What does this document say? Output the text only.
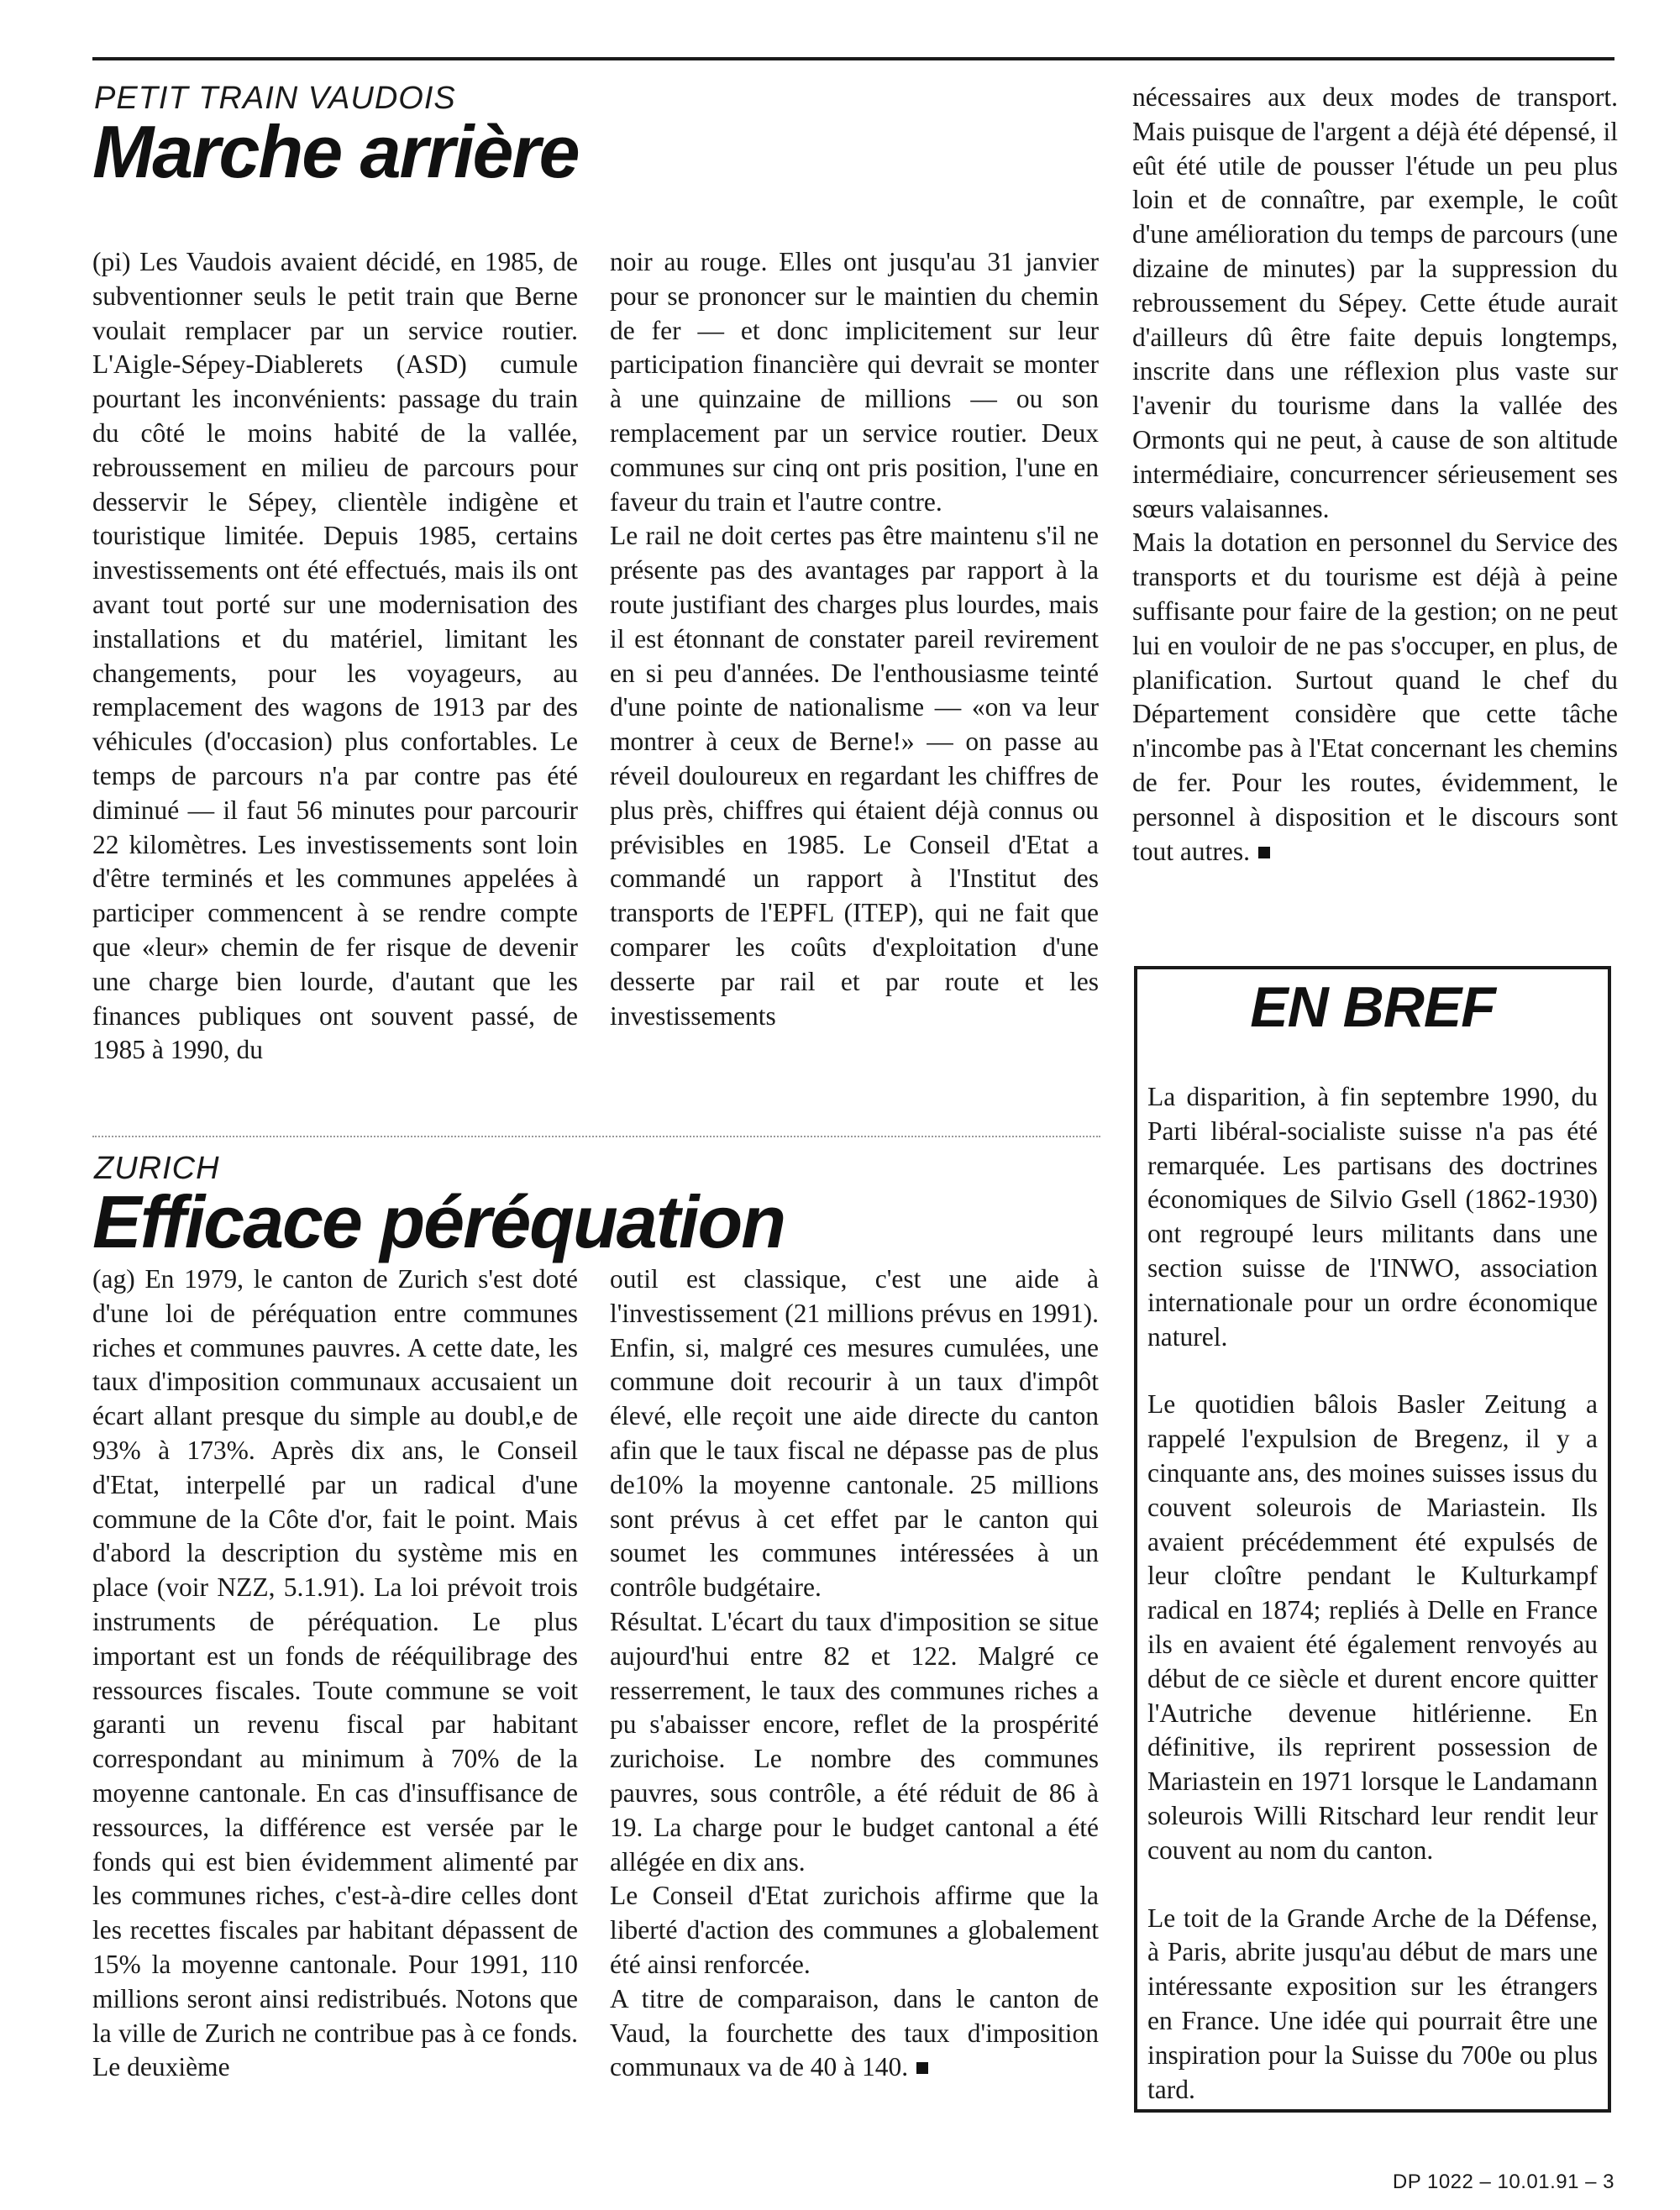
PETIT TRAIN VAUDOIS
Marche arrière

(pi) Les Vaudois avaient décidé, en 1985, de subventionner seuls le petit train que Berne voulait remplacer par un service routier. L'Aigle-Sépey-Diablerets (ASD) cumule pourtant les inconvénients: passage du train du côté le moins habité de la vallée, rebroussement en milieu de parcours pour desservir le Sépey, clientèle indigène et touristique limitée. Depuis 1985, certains investissements ont été effectués, mais ils ont avant tout porté sur une modernisation des installations et du matériel, limitant les changements, pour les voyageurs, au remplacement des wagons de 1913 par des véhicules (d'occasion) plus confortables. Le temps de parcours n'a par contre pas été diminué — il faut 56 minutes pour parcourir 22 kilomètres. Les investissements sont loin d'être terminés et les communes appelées à participer commencent à se rendre compte que «leur» chemin de fer risque de devenir une charge bien lourde, d'autant que les finances publiques ont souvent passé, de 1985 à 1990, du

noir au rouge. Elles ont jusqu'au 31 janvier pour se prononcer sur le maintien du chemin de fer — et donc implicitement sur leur participation financière qui devrait se monter à une quinzaine de millions — ou son remplacement par un service routier. Deux communes sur cinq ont pris position, l'une en faveur du train et l'autre contre.

Le rail ne doit certes pas être maintenu s'il ne présente pas des avantages par rapport à la route justifiant des charges plus lourdes, mais il est étonnant de constater pareil revirement en si peu d'années. De l'enthousiasme teinté d'une pointe de nationalisme — «on va leur montrer à ceux de Berne!» — on passe au réveil douloureux en regardant les chiffres de plus près, chiffres qui étaient déjà connus ou prévisibles en 1985. Le Conseil d'Etat a commandé un rapport à l'Institut des transports de l'EPFL (ITEP), qui ne fait que comparer les coûts d'exploitation d'une desserte par rail et par route et les investissements

nécessaires aux deux modes de transport. Mais puisque de l'argent a déjà été dépensé, il eût été utile de pousser l'étude un peu plus loin et de connaître, par exemple, le coût d'une amélioration du temps de parcours (une dizaine de minutes) par la suppression du rebroussement du Sépey. Cette étude aurait d'ailleurs dû être faite depuis longtemps, inscrite dans une réflexion plus vaste sur l'avenir du tourisme dans la vallée des Ormonts qui ne peut, à cause de son altitude intermédiaire, concurrencer sérieusement ses sœurs valaisannes.

Mais la dotation en personnel du Service des transports et du tourisme est déjà à peine suffisante pour faire de la gestion; on ne peut lui en vouloir de ne pas s'occuper, en plus, de planification. Surtout quand le chef du Département considère que cette tâche n'incombe pas à l'Etat concernant les chemins de fer. Pour les routes, évidemment, le personnel à disposition et le discours sont tout autres.

ZURICH
Efficace péréquation

(ag) En 1979, le canton de Zurich s'est doté d'une loi de péréquation entre communes riches et communes pauvres. A cette date, les taux d'imposition communaux accusaient un écart allant presque du simple au doubl,e de 93% à 173%. Après dix ans, le Conseil d'Etat, interpellé par un radical d'une commune de la Côte d'or, fait le point. Mais d'abord la description du système mis en place (voir NZZ, 5.1.91). La loi prévoit trois instruments de péréquation. Le plus important est un fonds de rééquilibrage des ressources fiscales. Toute commune se voit garanti un revenu fiscal par habitant correspondant au minimum à 70% de la moyenne cantonale. En cas d'insuffisance de ressources, la différence est versée par le fonds qui est bien évidemment alimenté par les communes riches, c'est-à-dire celles dont les recettes fiscales par habitant dépassent de 15% la moyenne cantonale. Pour 1991, 110 millions seront ainsi redistribués. Notons que la ville de Zurich ne contribue pas à ce fonds. Le deuxième

outil est classique, c'est une aide à l'investissement (21 millions prévus en 1991). Enfin, si, malgré ces mesures cumulées, une commune doit recourir à un taux d'impôt élevé, elle reçoit une aide directe du canton afin que le taux fiscal ne dépasse pas de plus de10% la moyenne cantonale. 25 millions sont prévus à cet effet par le canton qui soumet les communes intéressées à un contrôle budgétaire.

Résultat. L'écart du taux d'imposition se situe aujourd'hui entre 82 et 122. Malgré ce resserrement, le taux des communes riches a pu s'abaisser encore, reflet de la prospérité zurichoise. Le nombre des communes pauvres, sous contrôle, a été réduit de 86 à 19. La charge pour le budget cantonal a été allégée en dix ans.

Le Conseil d'Etat zurichois affirme que la liberté d'action des communes a globalement été ainsi renforcée.

A titre de comparaison, dans le canton de Vaud, la fourchette des taux d'imposition communaux va de 40 à 140.

EN BREF

La disparition, à fin septembre 1990, du Parti libéral-socialiste suisse n'a pas été remarquée. Les partisans des doctrines économiques de Silvio Gsell (1862-1930) ont regroupé leurs militants dans une section suisse de l'INWO, association internationale pour un ordre économique naturel.

Le quotidien bâlois Basler Zeitung a rappelé l'expulsion de Bregenz, il y a cinquante ans, des moines suisses issus du couvent soleurois de Mariastein. Ils avaient précédemment été expulsés de leur cloître pendant le Kulturkampf radical en 1874; repliés à Delle en France ils en avaient été également renvoyés au début de ce siècle et durent encore quitter l'Autriche devenue hitlérienne. En définitive, ils reprirent possession de Mariastein en 1971 lorsque le Landamann soleurois Willi Ritschard leur rendit leur couvent au nom du canton.

Le toit de la Grande Arche de la Défense, à Paris, abrite jusqu'au début de mars une intéressante exposition sur les étrangers en France. Une idée qui pourrait être une inspiration pour la Suisse du 700e ou plus tard.

DP 1022 – 10.01.91 – 3
